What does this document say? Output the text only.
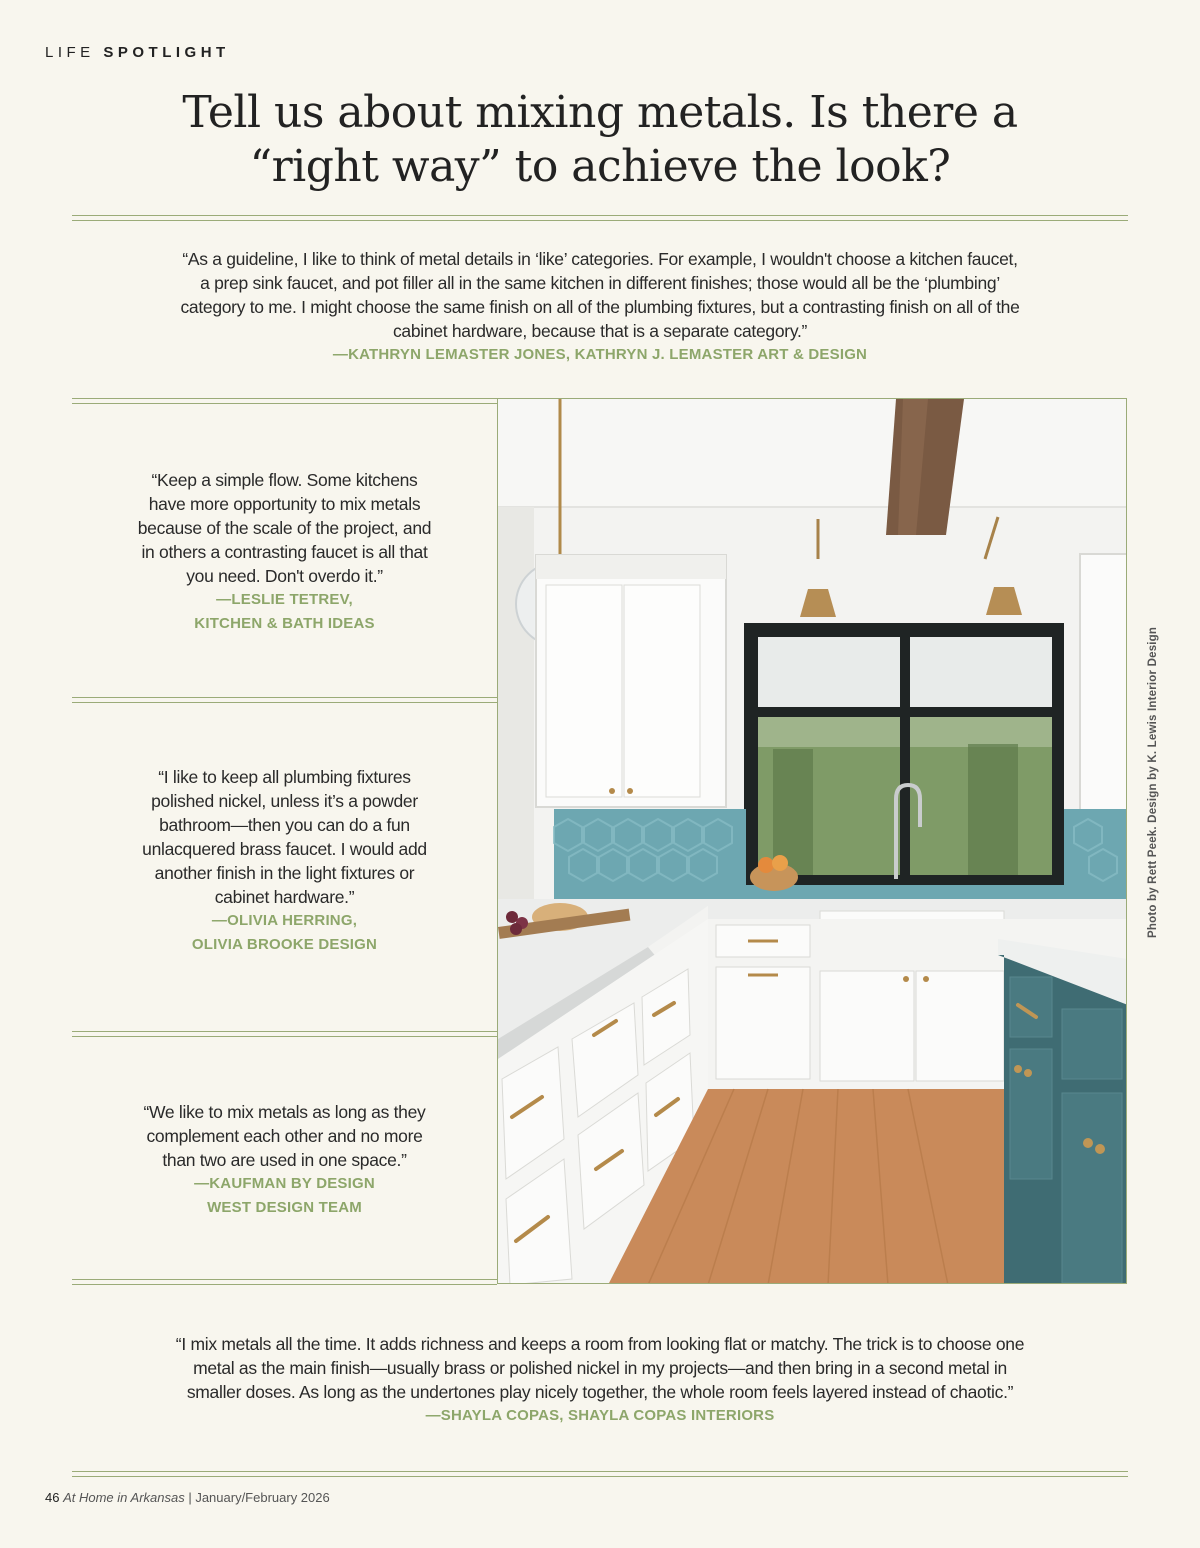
LIFE SPOTLIGHT
Tell us about mixing metals. Is there a
“right way” to achieve the look?
“As a guideline, I like to think of metal details in ‘like’ categories. For example, I wouldn't choose a kitchen faucet,
a prep sink faucet, and pot filler all in the same kitchen in different finishes; those would all be the ‘plumbing’
category to me. I might choose the same finish on all of the plumbing fixtures, but a contrasting finish on all of the
cabinet hardware, because that is a separate category.”
—KATHRYN LEMASTER JONES, KATHRYN J. LEMASTER ART & DESIGN
“Keep a simple flow. Some kitchens
have more opportunity to mix metals
because of the scale of the project, and
in others a contrasting faucet is all that
you need. Don't overdo it.”
—LESLIE TETREV,
KITCHEN & BATH IDEAS
“I like to keep all plumbing fixtures
polished nickel, unless it’s a powder
bathroom—then you can do a fun
unlacquered brass faucet. I would add
another finish in the light fixtures or
cabinet hardware.”
—OLIVIA HERRING,
OLIVIA BROOKE DESIGN
“We like to mix metals as long as they
complement each other and no more
than two are used in one space.”
—KAUFMAN BY DESIGN
WEST DESIGN TEAM
Photo by Rett Peek. Design by K. Lewis Interior Design
“I mix metals all the time. It adds richness and keeps a room from looking flat or matchy. The trick is to choose one
metal as the main finish—usually brass or polished nickel in my projects—and then bring in a second metal in
smaller doses. As long as the undertones play nicely together, the whole room feels layered instead of chaotic.”
—SHAYLA COPAS, SHAYLA COPAS INTERIORS
46 At Home in Arkansas | January/February 2026
